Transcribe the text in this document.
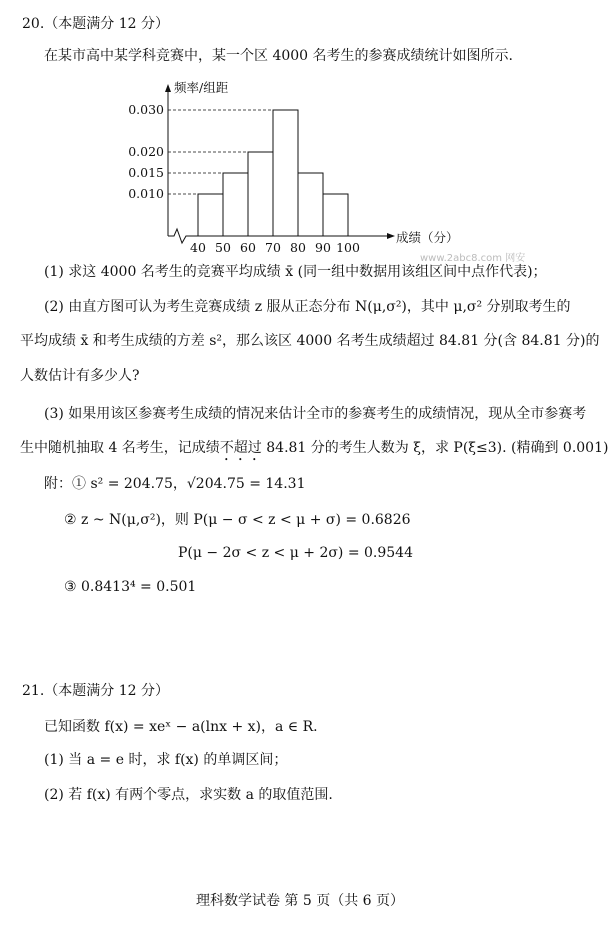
20.（本题满分 12 分）
在某市高中某学科竞赛中，某一个区 4000 名考生的参赛成绩统计如图所示.
频率/组距
成绩（分）
0.030
0.020
0.015
0.010
40 50 60 70 80 90 100
www.2abc8.com 网安
(1) 求这 4000 名考生的竞赛平均成绩 x̄ (同一组中数据用该组区间中点作代表)；
(2) 由直方图可认为考生竞赛成绩 z 服从正态分布 N(μ,σ²)，其中 μ,σ² 分别取考生的
平均成绩 x̄ 和考生成绩的方差 s²，那么该区 4000 名考生成绩超过 84.81 分(含 84.81 分)的
人数估计有多少人?
(3) 如果用该区参赛考生成绩的情况来估计全市的参赛考生的成绩情况，现从全市参赛考
生中随机抽取 4 名考生，记成绩不超过 84.81 分的考生人数为 ξ，求 P(ξ≤3). (精确到 0.001)
附：① s² = 204.75，√204.75 = 14.31
② z ~ N(μ,σ²)，则 P(μ − σ < z < μ + σ) = 0.6826
P(μ − 2σ < z < μ + 2σ) = 0.9544
③ 0.8413⁴ = 0.501
21.（本题满分 12 分）
已知函数 f(x) = xeˣ − a(lnx + x)，a ∈ R.
(1) 当 a = e 时，求 f(x) 的单调区间；
(2) 若 f(x) 有两个零点，求实数 a 的取值范围.
理科数学试卷 第 5 页（共 6 页）
